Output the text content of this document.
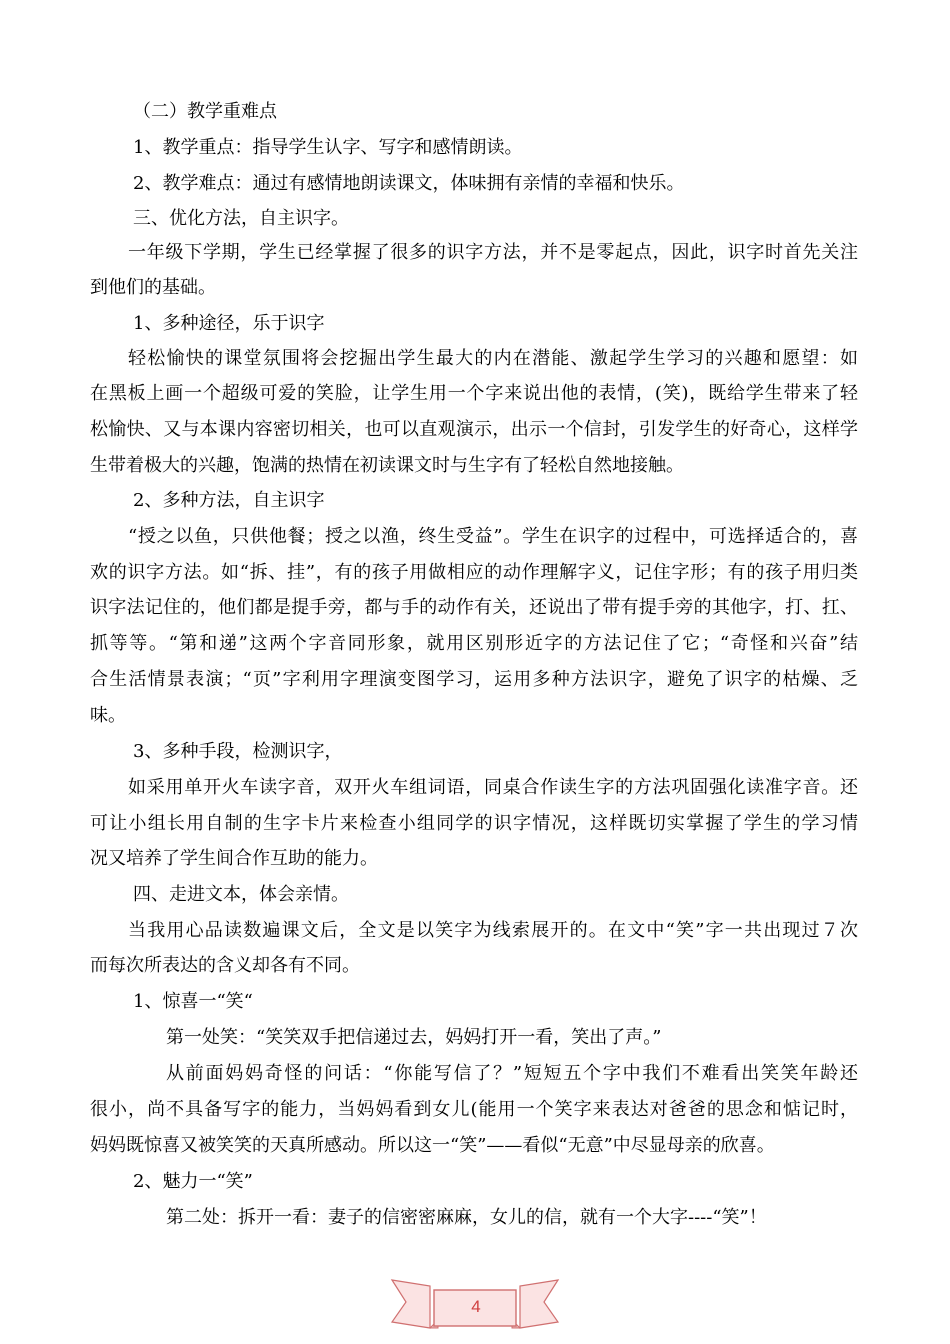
（二）教学重难点
1、教学重点：指导学生认字、写字和感情朗读。
2、教学难点：通过有感情地朗读课文，体味拥有亲情的幸福和快乐。
三、优化方法，自主识字。
一年级下学期，学生已经掌握了很多的识字方法，并不是零起点，因此，识字时首先关注
到他们的基础。
1、多种途径，乐于识字
轻松愉快的课堂氛围将会挖掘出学生最大的内在潜能、激起学生学习的兴趣和愿望：如
在黑板上画一个超级可爱的笑脸，让学生用一个字来说出他的表情，(笑)，既给学生带来了轻
松愉快、又与本课内容密切相关，也可以直观演示，出示一个信封，引发学生的好奇心，这样学
生带着极大的兴趣，饱满的热情在初读课文时与生字有了轻松自然地接触。
2、多种方法，自主识字
“授之以鱼，只供他餐；授之以渔，终生受益”。学生在识字的过程中，可选择适合的，喜
欢的识字方法。如“拆、挂”，有的孩子用做相应的动作理解字义，记住字形；有的孩子用归类
识字法记住的，他们都是提手旁，都与手的动作有关，还说出了带有提手旁的其他字，打、扛、
抓等等。“第和递”这两个字音同形象，就用区别形近字的方法记住了它；“奇怪和兴奋”结
合生活情景表演；“页”字利用字理演变图学习，运用多种方法识字，避免了识字的枯燥、乏
味。
3、多种手段，检测识字，
如采用单开火车读字音，双开火车组词语，同桌合作读生字的方法巩固强化读准字音。还
可让小组长用自制的生字卡片来检查小组同学的识字情况，这样既切实掌握了学生的学习情
况又培养了学生间合作互助的能力。
四、走进文本，体会亲情。
当我用心品读数遍课文后，全文是以笑字为线索展开的。在文中“笑”字一共出现过７次
而每次所表达的含义却各有不同。
1、惊喜一“笑“
第一处笑：“笑笑双手把信递过去，妈妈打开一看，笑出了声。”
从前面妈妈奇怪的问话：“你能写信了？”短短五个字中我们不难看出笑笑年龄还
很小，尚不具备写字的能力，当妈妈看到女儿(能用一个笑字来表达对爸爸的思念和惦记时，
妈妈既惊喜又被笑笑的天真所感动。所以这一“笑”——看似“无意”中尽显母亲的欣喜。
2、魅力一“笑”
第二处：拆开一看：妻子的信密密麻麻，女儿的信，就有一个大字----“笑”！
4
